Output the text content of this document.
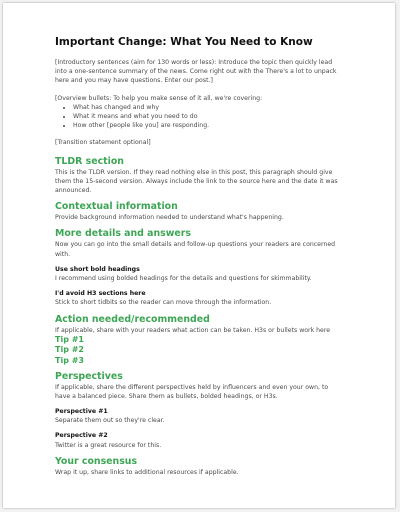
Important Change: What You Need to Know

[Introductory sentences (aim for 130 words or less): Introduce the topic then quickly lead into a one-sentence summary of the news. Come right out with the There's a lot to unpack here and you may have questions. Enter our post.]

[Overview bullets: To help you make sense of it all, we're covering:

• What has changed and why
• What it means and what you need to do
• How other [people like you] are responding.

[Transition statement optional]

TLDR section

This is the TLDR version. If they read nothing else in this post, this paragraph should give them the 15-second version. Always include the link to the source here and the date it was announced.

Contextual information

Provide background information needed to understand what's happening.

More details and answers

Now you can go into the small details and follow-up questions your readers are concerned with.

Use short bold headings

I recommend using bolded headings for the details and questions for skimmability.

I'd avoid H3 sections here

Stick to short tidbits so the reader can move through the information.

Action needed/recommended

If applicable, share with your readers what action can be taken. H3s or bullets work here

Tip #1

Tip #2

Tip #3

Perspectives

If applicable, share the different perspectives held by influencers and even your own, to have a balanced piece. Share them as bullets, bolded headings, or H3s.

Perspective #1

Separate them out so they're clear.

Perspective #2

Twitter is a great resource for this.

Your consensus

Wrap it up, share links to additional resources if applicable.
